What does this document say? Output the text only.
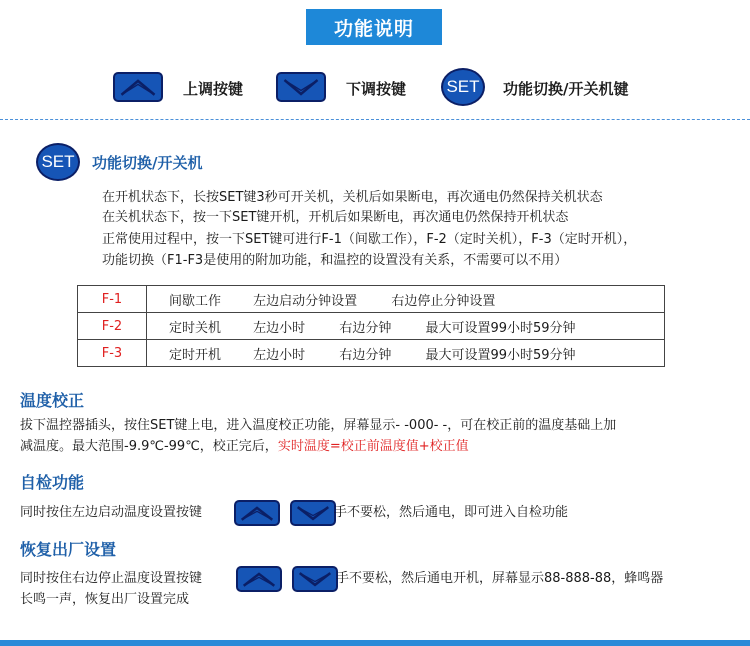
功能说明
上调按键	下调按键	SET	功能切换/开关机键
SET	功能切换/开关机
在开机状态下，长按SET键3秒可开关机，关机后如果断电，再次通电仍然保持关机状态
在关机状态下，按一下SET键开机，开机后如果断电，再次通电仍然保持开机状态
正常使用过程中，按一下SET键可进行F-1（间歇工作），F-2（定时关机），F-3（定时开机），
功能切换（F1-F3是使用的附加功能，和温控的设置没有关系，不需要可以不用）
F-1	间歇工作 左边启动分钟设置 右边停止分钟设置
F-2	定时关机 左边小时 右边分钟 最大可设置99小时59分钟
F-3	定时开机 左边小时 右边分钟 最大可设置99小时59分钟
温度校正
拔下温控器插头，按住SET键上电，进入温度校正功能，屏幕显示- -000- -，可在校正前的温度基础上加
减温度。最大范围-9.9℃-99℃，校正完后，实时温度=校正前温度值+校正值
自检功能
同时按住左边启动温度设置按键	手不要松，然后通电，即可进入自检功能
恢复出厂设置
同时按住右边停止温度设置按键	手不要松，然后通电开机，屏幕显示88-888-88，蜂鸣器
长鸣一声，恢复出厂设置完成
